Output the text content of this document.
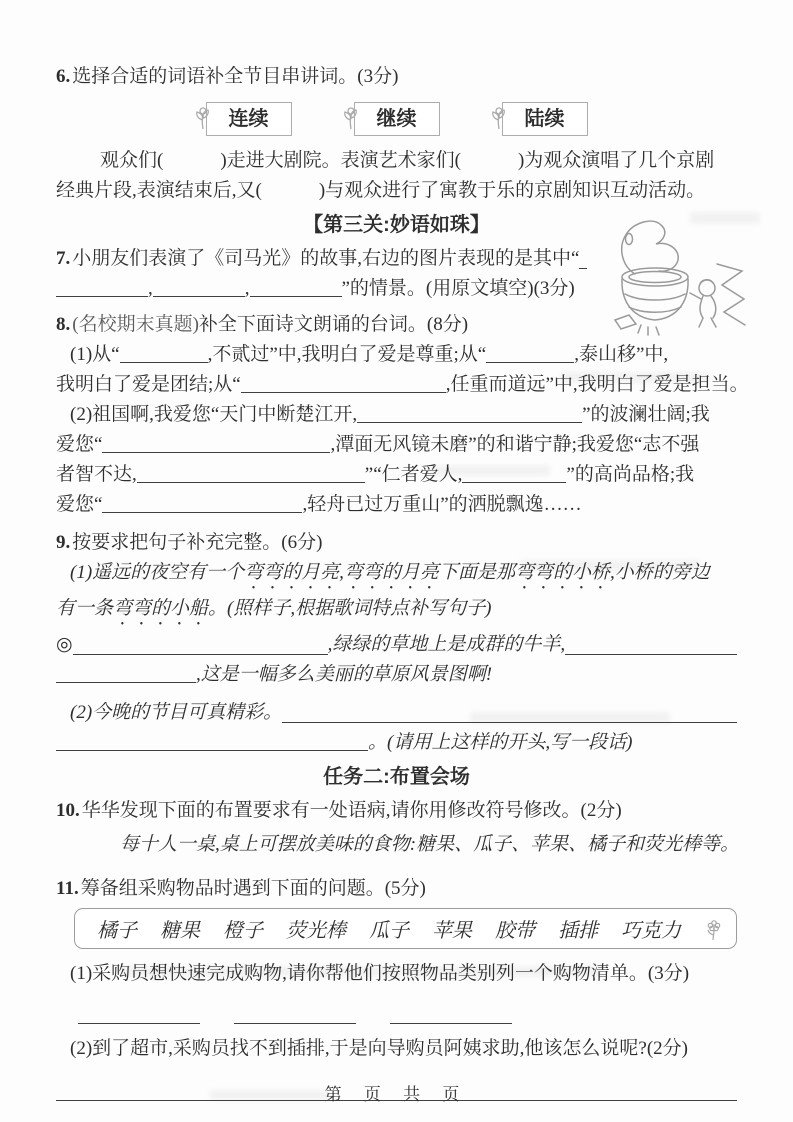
6. 选择合适的词语补全节目串讲词。(3分)
连续	继续	陆续
观众们(　　　)走进大剧院。表演艺术家们(　　　)为观众演唱了几个京剧
经典片段,表演结束后,又(　　　)与观众进行了寓教于乐的京剧知识互动活动。
【第三关:妙语如珠】
7. 小朋友们表演了《司马光》的故事,右边的图片表现的是其中“
,	,	”的情景。(用原文填空)(3分)
8. (名校期末真题)补全下面诗文朗诵的台词。(8分)
(1)从“	,不贰过”中,我明白了爱是尊重;从“	,泰山移”中,
我明白了爱是团结;从“	,任重而道远”中,我明白了爱是担当。
(2)祖国啊,我爱您“天门中断楚江开,	”的波澜壮阔;我
爱您“	,潭面无风镜未磨”的和谐宁静;我爱您“志不强
者智不达,	”“仁者爱人,	”的高尚品格;我
爱您“	,轻舟已过万重山”的洒脱飘逸……
9. 按要求把句子补充完整。(6分)
(1)遥远的夜空有一个弯弯的月亮,弯弯的月亮下面是那弯弯的小桥,小桥的旁边
有一条弯弯的小船。(照样子,根据歌词特点补写句子)
◎	,绿绿的草地上是成群的牛羊,
,这是一幅多么美丽的草原风景图啊!
(2)今晚的节目可真精彩。
。(请用上这样的开头,写一段话)
任务二:布置会场
10. 华华发现下面的布置要求有一处语病,请你用修改符号修改。(2分)
每十人一桌,桌上可摆放美味的食物:糖果、瓜子、苹果、橘子和荧光棒等。
11. 筹备组采购物品时遇到下面的问题。(5分)
橘子 糖果 橙子 荧光棒 瓜子 苹果 胶带 插排 巧克力
(1)采购员想快速完成购物,请你帮他们按照物品类别列一个购物清单。(3分)

(2)到了超市,采购员找不到插排,于是向导购员阿姨求助,他该怎么说呢?(2分)
第 页 共 页
